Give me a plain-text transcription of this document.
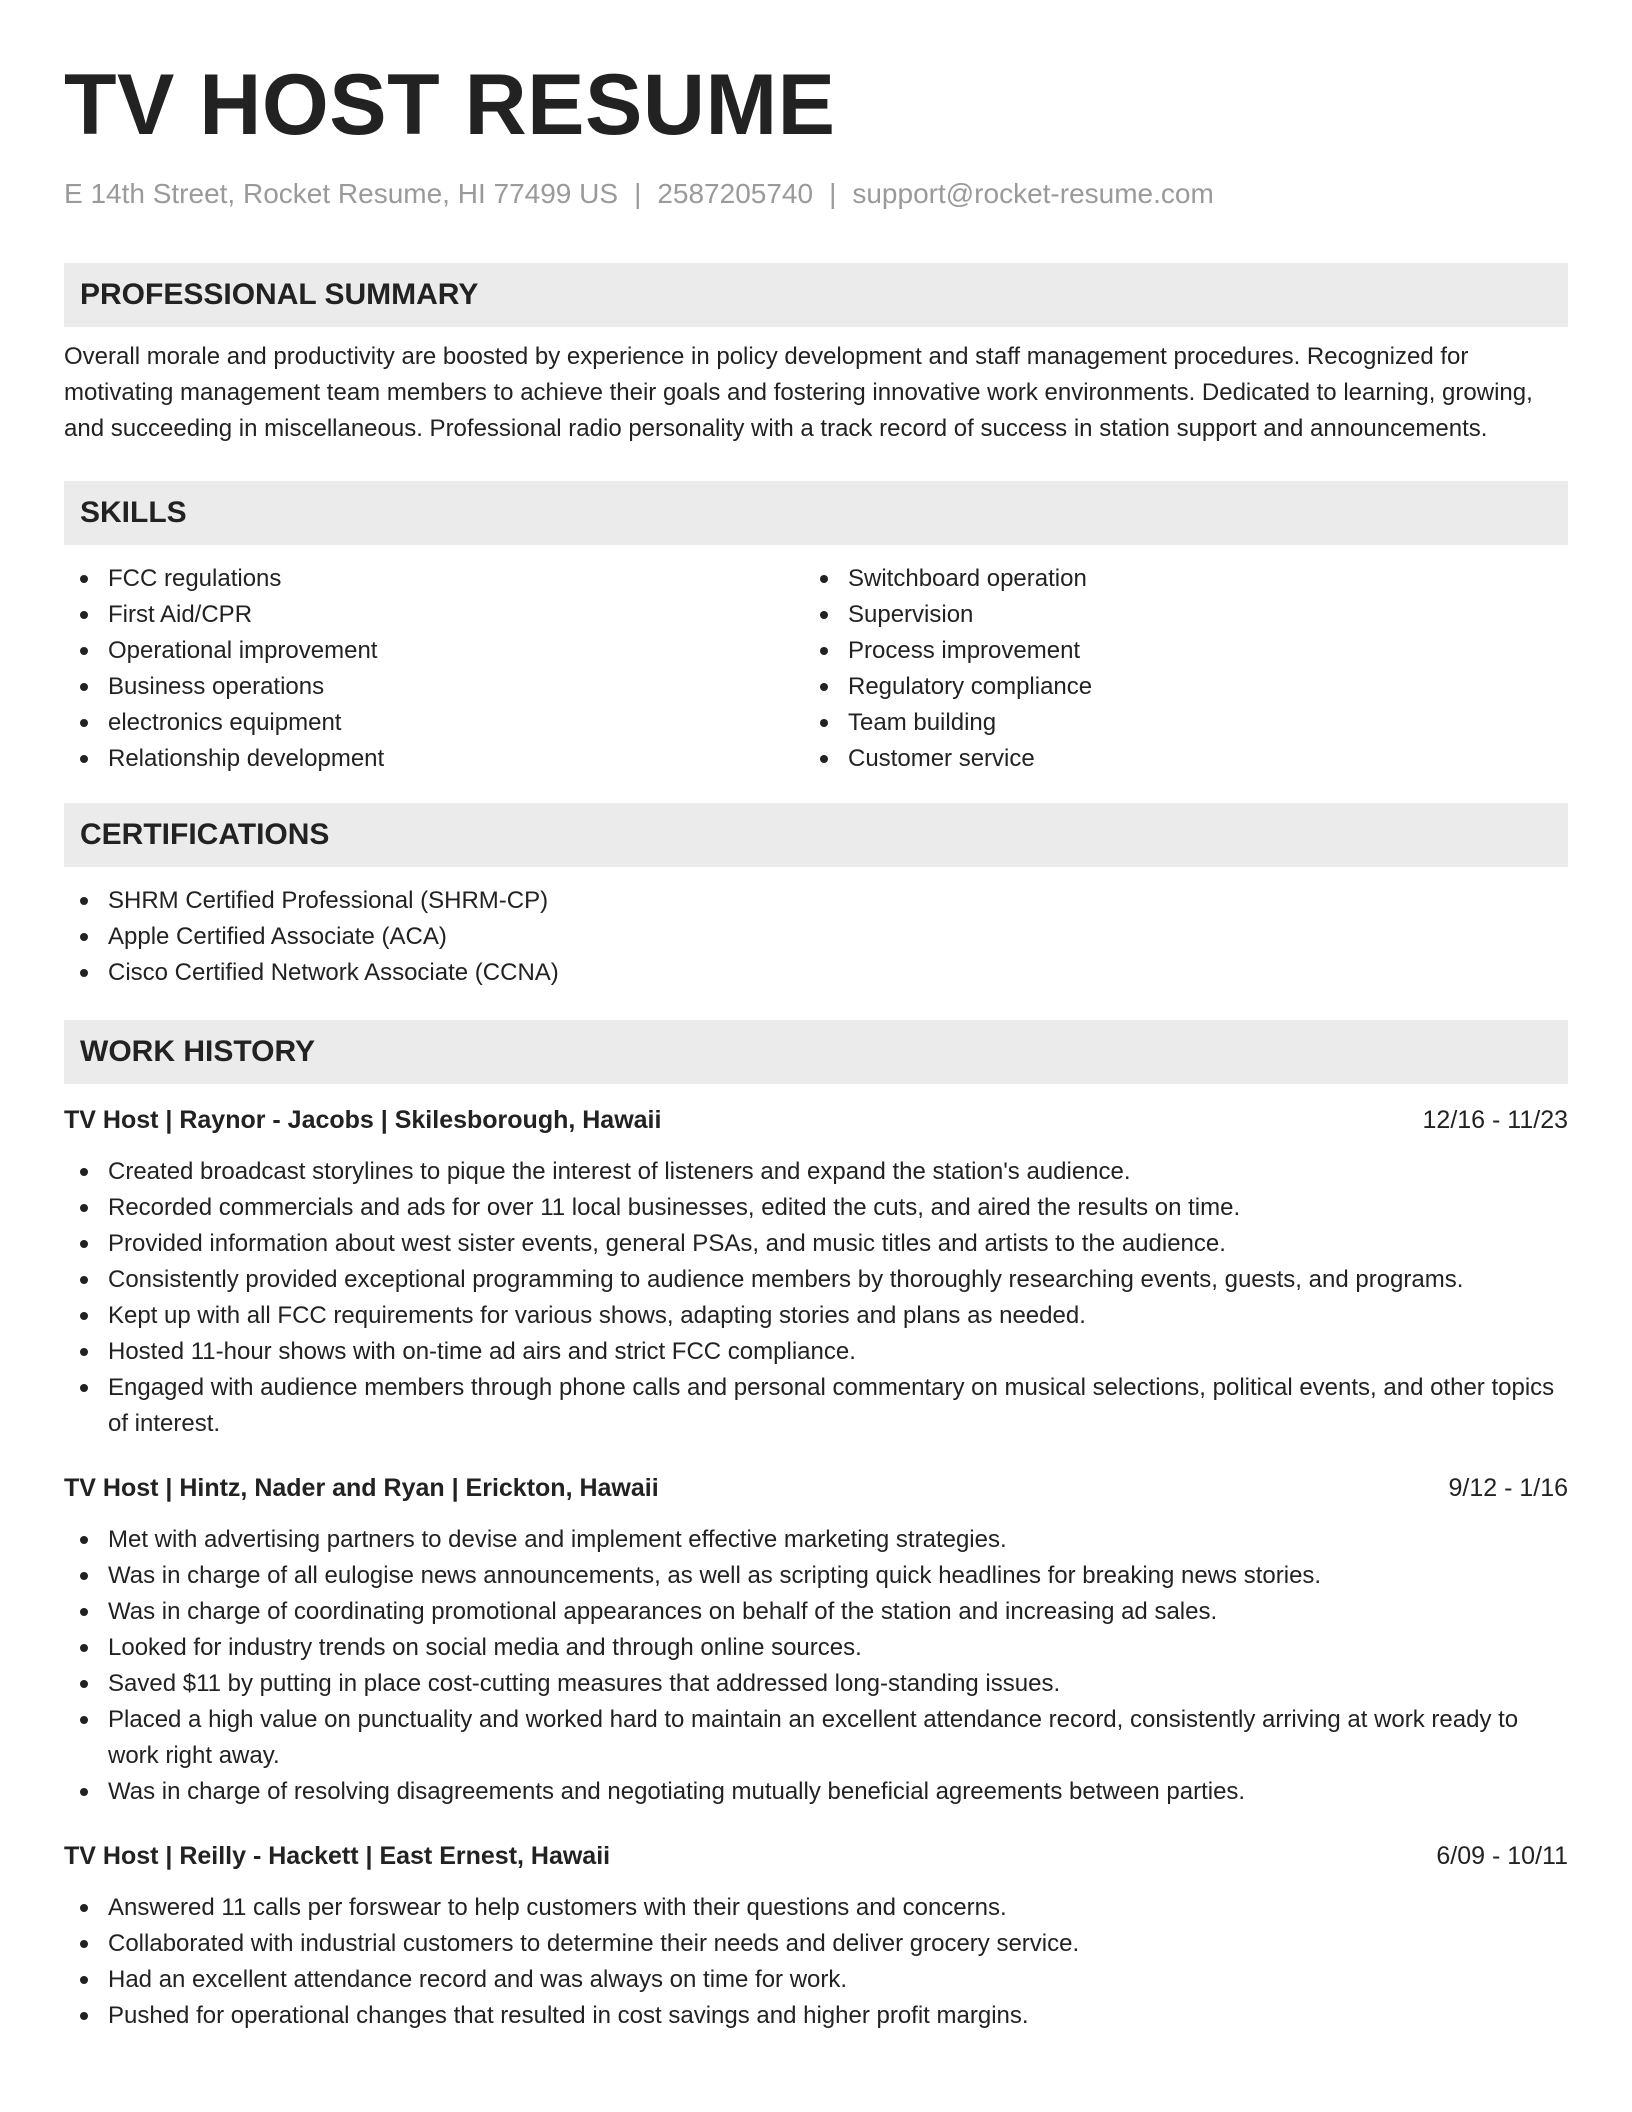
TV HOST RESUME
E 14th Street, Rocket Resume, HI 77499 US | 2587205740 | support@rocket-resume.com
PROFESSIONAL SUMMARY

Overall morale and productivity are boosted by experience in policy development and staff management procedures. Recognized for motivating management team members to achieve their goals and fostering innovative work environments. Dedicated to learning, growing, and succeeding in miscellaneous. Professional radio personality with a track record of success in station support and announcements.

SKILLS
FCC regulations
First Aid/CPR
Operational improvement
Business operations
electronics equipment
Relationship development
Switchboard operation
Supervision
Process improvement
Regulatory compliance
Team building
Customer service
CERTIFICATIONS
SHRM Certified Professional (SHRM-CP)
Apple Certified Associate (ACA)
Cisco Certified Network Associate (CCNA)
WORK HISTORY
TV Host | Raynor - Jacobs | Skilesborough, Hawaii	12/16 - 11/23
Created broadcast storylines to pique the interest of listeners and expand the station's audience.
Recorded commercials and ads for over 11 local businesses, edited the cuts, and aired the results on time.
Provided information about west sister events, general PSAs, and music titles and artists to the audience.
Consistently provided exceptional programming to audience members by thoroughly researching events, guests, and programs.
Kept up with all FCC requirements for various shows, adapting stories and plans as needed.
Hosted 11-hour shows with on-time ad airs and strict FCC compliance.
Engaged with audience members through phone calls and personal commentary on musical selections, political events, and other topics of interest.
TV Host | Hintz, Nader and Ryan | Erickton, Hawaii	9/12 - 1/16
Met with advertising partners to devise and implement effective marketing strategies.
Was in charge of all eulogise news announcements, as well as scripting quick headlines for breaking news stories.
Was in charge of coordinating promotional appearances on behalf of the station and increasing ad sales.
Looked for industry trends on social media and through online sources.
Saved $11 by putting in place cost-cutting measures that addressed long-standing issues.
Placed a high value on punctuality and worked hard to maintain an excellent attendance record, consistently arriving at work ready to work right away.
Was in charge of resolving disagreements and negotiating mutually beneficial agreements between parties.
TV Host | Reilly - Hackett | East Ernest, Hawaii	6/09 - 10/11
Answered 11 calls per forswear to help customers with their questions and concerns.
Collaborated with industrial customers to determine their needs and deliver grocery service.
Had an excellent attendance record and was always on time for work.
Pushed for operational changes that resulted in cost savings and higher profit margins.
